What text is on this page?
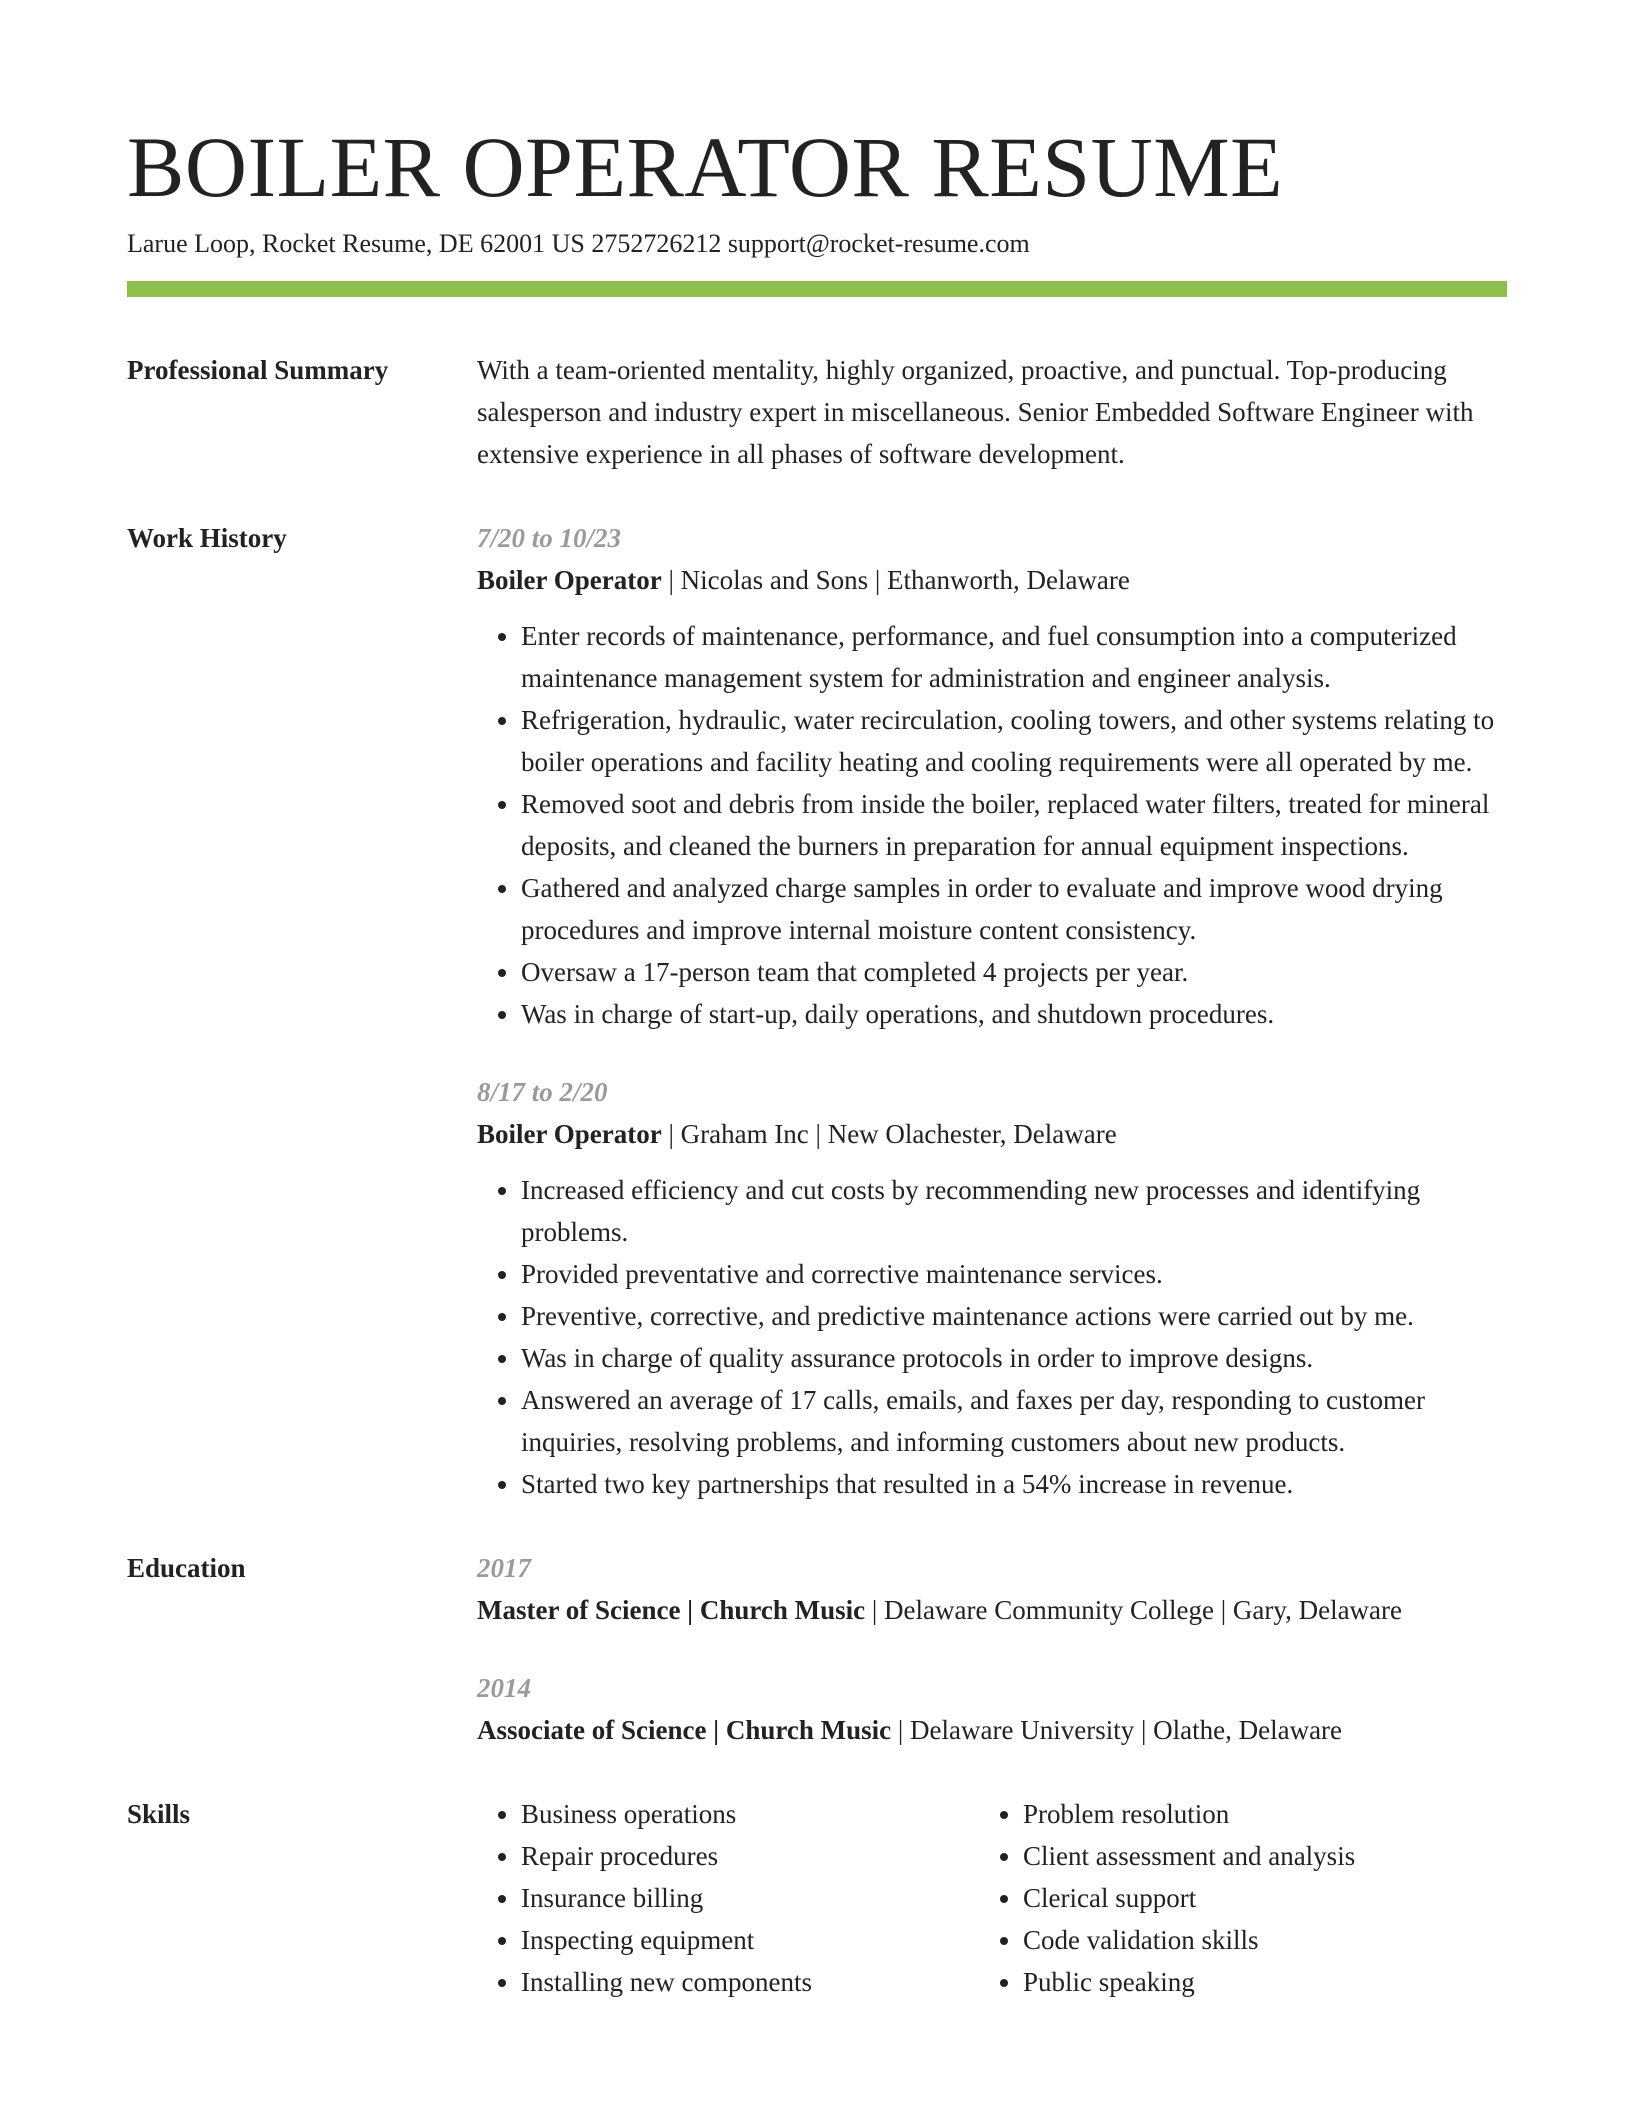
BOILER OPERATOR RESUME
Larue Loop, Rocket Resume, DE 62001 US 2752726212 support@rocket-resume.com
Professional Summary	With a team-oriented mentality, highly organized, proactive, and punctual. Top-producing salesperson and industry expert in miscellaneous. Senior Embedded Software Engineer with extensive experience in all phases of software development.

Work History	7/20 to 10/23
Boiler Operator | Nicolas and Sons | Ethanworth, Delaware
• Enter records of maintenance, performance, and fuel consumption into a computerized maintenance management system for administration and engineer analysis.
• Refrigeration, hydraulic, water recirculation, cooling towers, and other systems relating to boiler operations and facility heating and cooling requirements were all operated by me.
• Removed soot and debris from inside the boiler, replaced water filters, treated for mineral deposits, and cleaned the burners in preparation for annual equipment inspections.
• Gathered and analyzed charge samples in order to evaluate and improve wood drying procedures and improve internal moisture content consistency.
• Oversaw a 17-person team that completed 4 projects per year.
• Was in charge of start-up, daily operations, and shutdown procedures.
8/17 to 2/20
Boiler Operator | Graham Inc | New Olachester, Delaware
• Increased efficiency and cut costs by recommending new processes and identifying problems.
• Provided preventative and corrective maintenance services.
• Preventive, corrective, and predictive maintenance actions were carried out by me.
• Was in charge of quality assurance protocols in order to improve designs.
• Answered an average of 17 calls, emails, and faxes per day, responding to customer inquiries, resolving problems, and informing customers about new products.
• Started two key partnerships that resulted in a 54% increase in revenue.
Education	2017
Master of Science | Church Music | Delaware Community College | Gary, Delaware
2014
Associate of Science | Church Music | Delaware University | Olathe, Delaware
Skills
•	Business operations
• Repair procedures
• Insurance billing
• Inspecting equipment
• Installing new components
• Problem resolution
• Client assessment and analysis
• Clerical support
• Code validation skills
• Public speaking
